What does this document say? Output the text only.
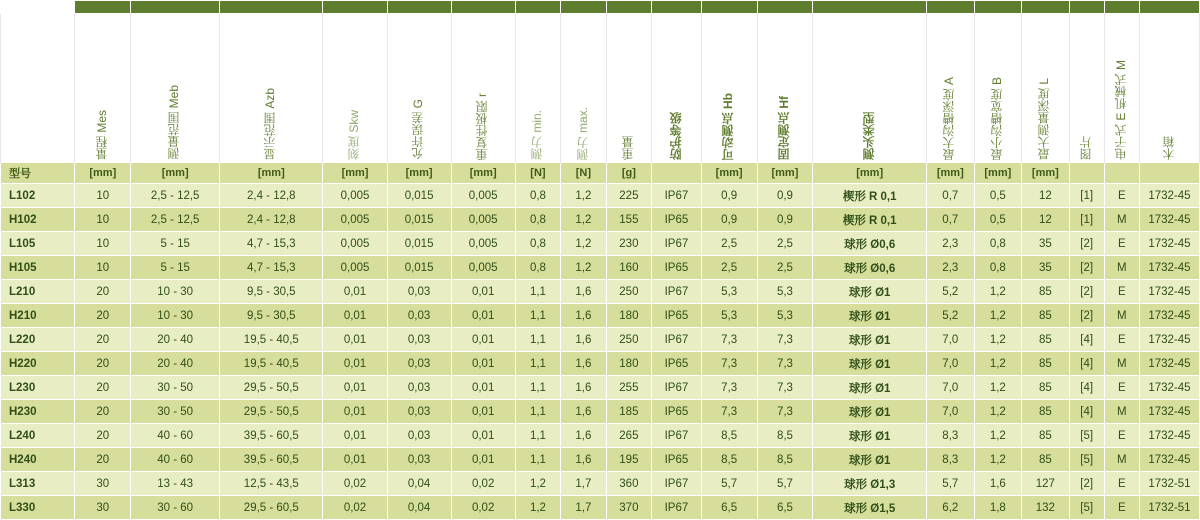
	量程 Mes	测量范围 Meb	显示范围 Azb	刻度 Skw	允许误差 G	重复性极限 r	测力 min.	测力 max.	重量	防护等级	可动测点 Hb	固定测点 Hf	测头类型	最大沟槽深度 A	最小沟槽宽度 B	最大测量深度 L	图片	电子式 E 机械式 M	木箱

型号	[mm]	[mm]	[mm]	[mm]	[mm]	[mm]	[N]	[N]	[g]		[mm]	[mm]	[mm]	[mm]	[mm]	[mm]			
L102	10	2,5 - 12,5	2,4 - 12,8	0,005	0,015	0,005	0,8	1,2	225	IP67	0,9	0,9	楔形 R 0,1	0,7	0,5	12	[1]	E	1732-45
H102	10	2,5 - 12,5	2,4 - 12,8	0,005	0,015	0,005	0,8	1,2	155	IP65	0,9	0,9	楔形 R 0,1	0,7	0,5	12	[1]	M	1732-45
L105	10	5 - 15	4,7 - 15,3	0,005	0,015	0,005	0,8	1,2	230	IP67	2,5	2,5	球形 Ø0,6	2,3	0,8	35	[2]	E	1732-45
H105	10	5 - 15	4,7 - 15,3	0,005	0,015	0,005	0,8	1,2	160	IP65	2,5	2,5	球形 Ø0,6	2,3	0,8	35	[2]	M	1732-45
L210	20	10 - 30	9,5 - 30,5	0,01	0,03	0,01	1,1	1,6	250	IP67	5,3	5,3	球形 Ø1	5,2	1,2	85	[2]	E	1732-45
H210	20	10 - 30	9,5 - 30,5	0,01	0,03	0,01	1,1	1,6	180	IP65	5,3	5,3	球形 Ø1	5,2	1,2	85	[2]	M	1732-45
L220	20	20 - 40	19,5 - 40,5	0,01	0,03	0,01	1,1	1,6	250	IP67	7,3	7,3	球形 Ø1	7,0	1,2	85	[4]	E	1732-45
H220	20	20 - 40	19,5 - 40,5	0,01	0,03	0,01	1,1	1,6	180	IP65	7,3	7,3	球形 Ø1	7,0	1,2	85	[4]	M	1732-45
L230	20	30 - 50	29,5 - 50,5	0,01	0,03	0,01	1,1	1,6	255	IP67	7,3	7,3	球形 Ø1	7,0	1,2	85	[4]	E	1732-45
H230	20	30 - 50	29,5 - 50,5	0,01	0,03	0,01	1,1	1,6	185	IP65	7,3	7,3	球形 Ø1	7,0	1,2	85	[4]	M	1732-45
L240	20	40 - 60	39,5 - 60,5	0,01	0,03	0,01	1,1	1,6	265	IP67	8,5	8,5	球形 Ø1	8,3	1,2	85	[5]	E	1732-45
H240	20	40 - 60	39,5 - 60,5	0,01	0,03	0,01	1,1	1,6	195	IP65	8,5	8,5	球形 Ø1	8,3	1,2	85	[5]	M	1732-45
L313	30	13 - 43	12,5 - 43,5	0,02	0,04	0,02	1,2	1,7	360	IP67	5,7	5,7	球形 Ø1,3	5,7	1,6	127	[2]	E	1732-51
L330	30	30 - 60	29,5 - 60,5	0,02	0,04	0,02	1,2	1,7	370	IP67	6,5	6,5	球形 Ø1,5	6,2	1,8	132	[5]	E	1732-51
